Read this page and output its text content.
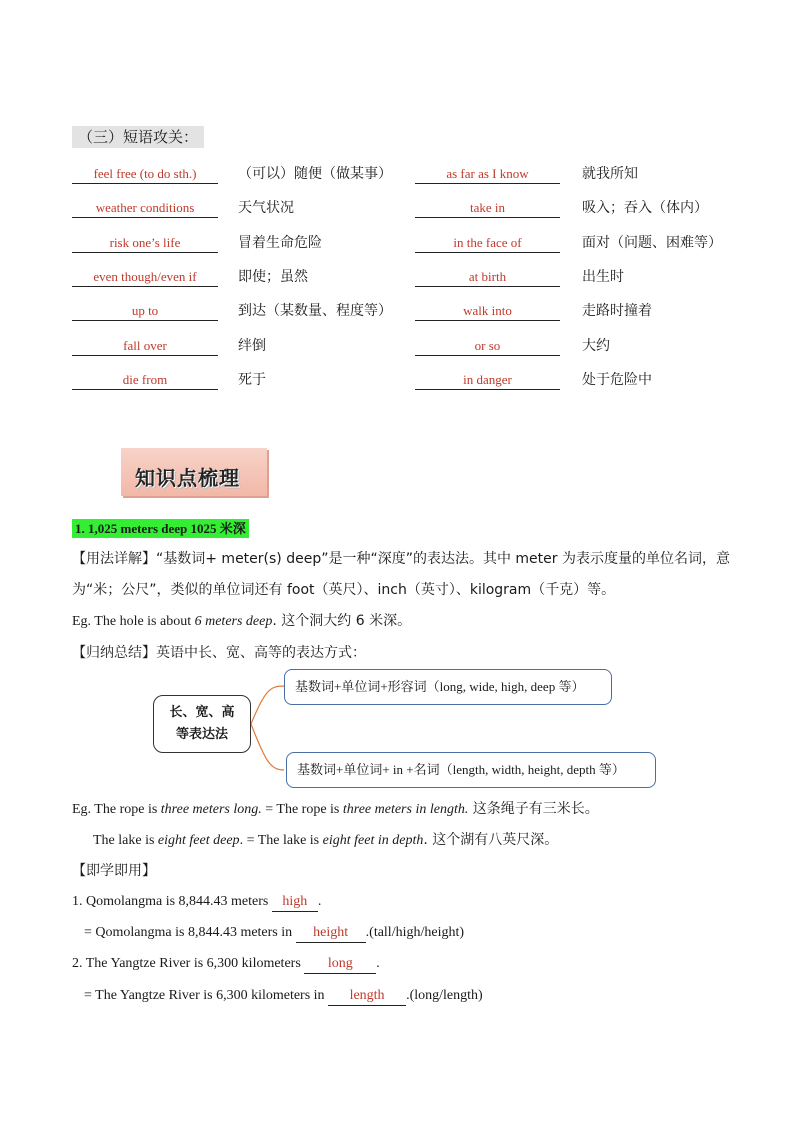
（三）短语攻关：
feel free (to do sth.)	（可以）随便（做某事）	as far as I know	就我所知
weather conditions	天气状况	take in	吸入；吞入（体内）
risk one’s life	冒着生命危险	in the face of	面对（问题、困难等）
even though/even if	即使；虽然	at birth	出生时
up to	到达（某数量、程度等）	walk into	走路时撞着
fall over	绊倒	or so	大约
die from	死于	in danger	处于危险中
知识点梳理
1. 1,025 meters deep 1025 米深
【用法详解】“基数词+ meter(s) deep”是一种“深度”的表达法。其中 meter 为表示度量的单位名词，意
为“米；公尺”，类似的单位词还有 foot（英尺）、inch（英寸）、kilogram（千克）等。
Eg. The hole is about 6 meters deep. 这个洞大约 6 米深。
【归纳总结】英语中长、宽、高等的表达方式：
长、宽、高
等表达法
基数词+单位词+形容词（long, wide, high, deep 等）
基数词+单位词+ in +名词（length, width, height, depth 等）
Eg. The rope is three meters long. = The rope is three meters in length. 这条绳子有三米长。
The lake is eight feet deep. = The lake is eight feet in depth. 这个湖有八英尺深。
【即学即用】
1. Qomolangma is 8,844.43 meters high .
= Qomolangma is 8,844.43 meters in height .(tall/high/height)
2. The Yangtze River is 6,300 kilometers long .
= The Yangtze River is 6,300 kilometers in length .(long/length)
